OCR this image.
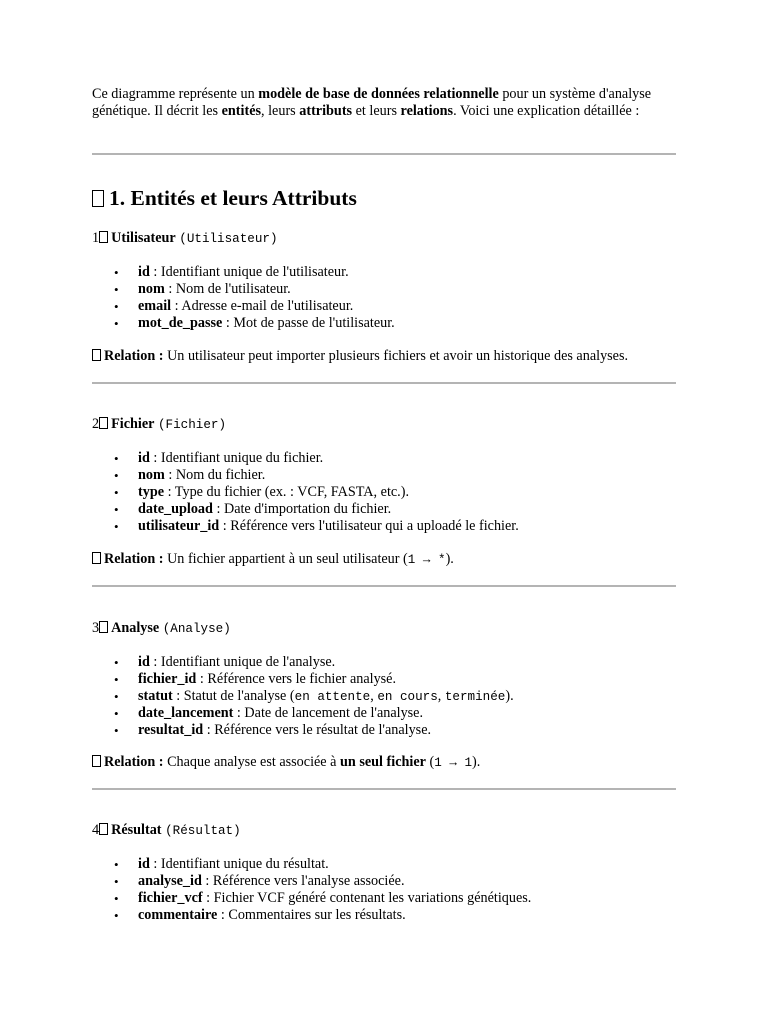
Ce diagramme représente un modèle de base de données relationnelle pour un système d'analyse génétique. Il décrit les entités, leurs attributs et leurs relations. Voici une explication détaillée :
1. Entités et leurs Attributs
1 Utilisateur (Utilisateur)
• id : Identifiant unique de l'utilisateur.
• nom : Nom de l'utilisateur.
• email : Adresse e-mail de l'utilisateur.
• mot_de_passe : Mot de passe de l'utilisateur.
Relation : Un utilisateur peut importer plusieurs fichiers et avoir un historique des analyses.
2 Fichier (Fichier)
• id : Identifiant unique du fichier.
• nom : Nom du fichier.
• type : Type du fichier (ex. : VCF, FASTA, etc.).
• date_upload : Date d'importation du fichier.
• utilisateur_id : Référence vers l'utilisateur qui a uploadé le fichier.
Relation : Un fichier appartient à un seul utilisateur (1 → *).
3 Analyse (Analyse)
• id : Identifiant unique de l'analyse.
• fichier_id : Référence vers le fichier analysé.
• statut : Statut de l'analyse (en attente, en cours, terminée).
• date_lancement : Date de lancement de l'analyse.
• resultat_id : Référence vers le résultat de l'analyse.
Relation : Chaque analyse est associée à un seul fichier (1 → 1).
4 Résultat (Résultat)
• id : Identifiant unique du résultat.
• analyse_id : Référence vers l'analyse associée.
• fichier_vcf : Fichier VCF généré contenant les variations génétiques.
• commentaire : Commentaires sur les résultats.
